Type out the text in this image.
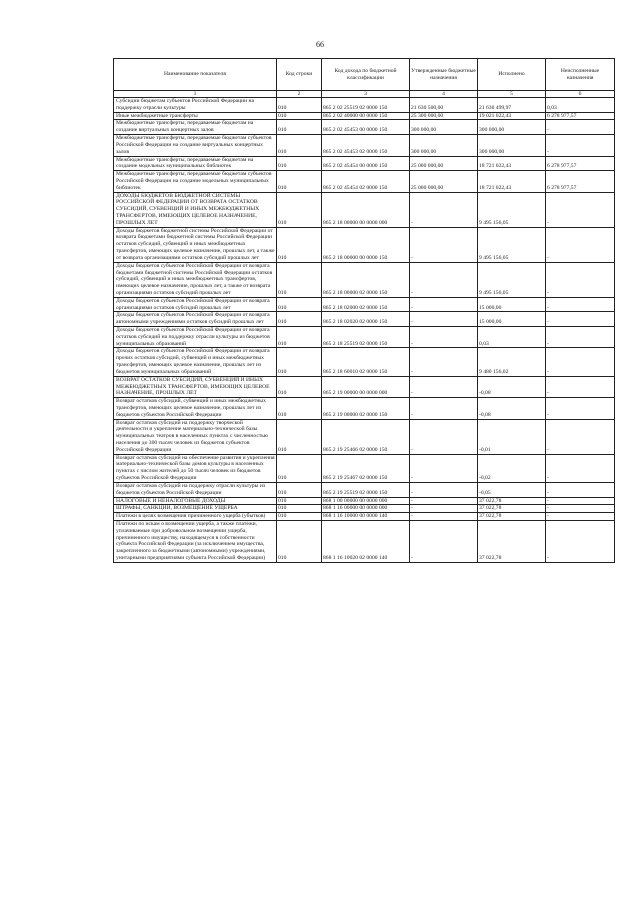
66
Наименование показателя	Код строки	Код дохода по бюджетной классификации	Утвержденные бюджетные назначения	Исполнено	Неисполненные назначения
1	2	3	4	5	6
Субсидии бюджетам субъектов Российской Федерации на поддержку отрасли культуры	010	865 2 02 25519 02 0000 150	21 630 500,00	21 630 499,97	0,03
Иные межбюджетные трансферты	010	865 2 02 40000 00 0000 150	25 300 000,00	19 021 022,43	6 278 977,57
Межбюджетные трансферты, передаваемые бюджетам на создание виртуальных концертных залов	010	865 2 02 45453 00 0000 150	300 000,00	300 000,00	-
Межбюджетные трансферты, передаваемые бюджетам субъектов Российской Федерации на создание виртуальных концертных залов	010	865 2 02 45453 02 0000 150	300 000,00	300 000,00	-
Межбюджетные трансферты, передаваемые бюджетам на создание модельных муниципальных библиотек	010	865 2 02 45454 00 0000 150	25 000 000,00	18 721 022,43	6 278 977,57
Межбюджетные трансферты, передаваемые бюджетам субъектов Российской Федерации на создание модельных муниципальных библиотек	010	865 2 02 45454 02 0000 150	25 000 000,00	18 721 022,43	6 278 977,57
ДОХОДЫ БЮДЖЕТОВ БЮДЖЕТНОЙ СИСТЕМЫ РОССИЙСКОЙ ФЕДЕРАЦИИ ОТ ВОЗВРАТА ОСТАТКОВ СУБСИДИЙ, СУБВЕНЦИЙ И ИНЫХ МЕЖБЮДЖЕТНЫХ ТРАНСФЕРТОВ, ИМЕЮЩИХ ЦЕЛЕВОЕ НАЗНАЧЕНИЕ, ПРОШЛЫХ ЛЕТ	010	865 2 18 00000 00 0000 000	-	9 495 156,05	-
Доходы бюджетов бюджетной системы Российской Федерации от возврата бюджетами бюджетной системы Российской Федерации остатков субсидий, субвенций и иных межбюджетных трансфертов, имеющих целевое назначение, прошлых лет, а также от возврата организациями остатков субсидий прошлых лет	010	865 2 18 00000 00 0000 150	-	9 495 156,05	-
Доходы бюджетов субъектов Российской Федерации от возврата бюджетами бюджетной системы Российской Федерации остатков субсидий, субвенций и иных межбюджетных трансфертов, имеющих целевое назначение, прошлых лет, а также от возврата организациями остатков субсидий прошлых лет	010	865 2 18 00000 02 0000 150	-	9 495 156,05	-
Доходы бюджетов субъектов Российской Федерации от возврата организациями остатков субсидий прошлых лет	010	865 2 18 02000 02 0000 150	-	15 000,00	-
Доходы бюджетов субъектов Российской Федерации от возврата автономными учреждениями остатков субсидий прошлых лет	010	865 2 18 02020 02 0000 150	-	15 000,00	-
Доходы бюджетов субъектов Российской Федерации от возврата остатков субсидий на поддержку отрасли культуры из бюджетов муниципальных образований	010	865 2 18 25519 02 0000 150	-	0,03	-
Доходы бюджетов субъектов Российской Федерации от возврата прочих остатков субсидий, субвенций и иных межбюджетных трансфертов, имеющих целевое назначение, прошлых лет из бюджетов муниципальных образований	010	865 2 18 60010 02 0000 150	-	9 480 156,02	-
ВОЗВРАТ ОСТАТКОВ СУБСИДИЙ, СУБВЕНЦИЙ И ИНЫХ МЕЖБЮДЖЕТНЫХ ТРАНСФЕРТОВ, ИМЕЮЩИХ ЦЕЛЕВОЕ НАЗНАЧЕНИЕ, ПРОШЛЫХ ЛЕТ	010	865 2 19 00000 00 0000 000	-	-0,08	-
Возврат остатков субсидий, субвенций и иных межбюджетных трансфертов, имеющих целевое назначение, прошлых лет из бюджетов субъектов Российской Федерации	010	865 2 19 00000 02 0000 150	-	-0,08	-
Возврат остатков субсидий на поддержку творческой деятельности и укрепление материально-технической базы муниципальных театров в населенных пунктах с численностью населения до 300 тысяч человек из бюджетов субъектов Российской Федерации	010	865 2 19 25466 02 0000 150	-	-0,01	-
Возврат остатков субсидий на обеспечение развития и укрепления материально-технической базы домов культуры в населенных пунктах с числом жителей до 50 тысяч человек из бюджетов субъектов Российской Федерации	010	865 2 19 25467 02 0000 150	-	-0,02	-
Возврат остатков субсидий на поддержку отрасли культуры из бюджетов субъектов Российской Федерации	010	865 2 19 25519 02 0000 150	-	-0,05	-
НАЛОГОВЫЕ И НЕНАЛОГОВЫЕ ДОХОДЫ	010	868 1 00 00000 00 0000 000	-	37 022,78	-
ШТРАФЫ, САНКЦИИ, ВОЗМЕЩЕНИЕ УЩЕРБА	010	868 1 16 00000 00 0000 000	-	37 022,78	-
Платежи в целях возмещения причиненного ущерба (убытков)	010	868 1 16 10000 00 0000 140	-	37 022,78	-
Платежи по искам о возмещении ущерба, а также платежи, уплачиваемые при добровольном возмещении ущерба, причиненного имуществу, находящемуся в собственности субъекта Российской Федерации (за исключением имущества, закрепленного за бюджетными (автономными) учреждениями, унитарными предприятиями субъекта Российской Федерации)	010	868 1 16 10020 02 0000 140	-	37 022,78	-
